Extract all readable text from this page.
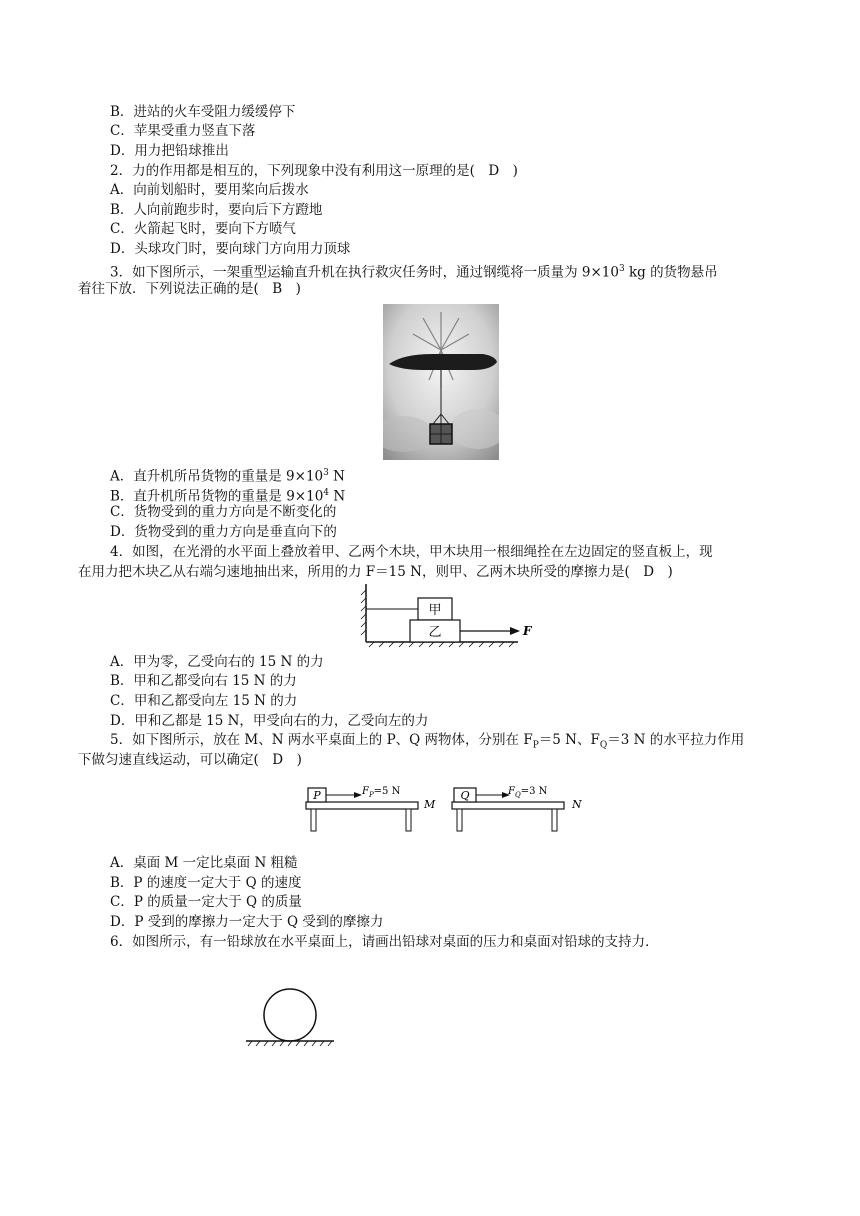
B．进站的火车受阻力缓缓停下
C．苹果受重力竖直下落
D．用力把铅球推出
2．力的作用都是相互的，下列现象中没有利用这一原理的是(　D　)
A．向前划船时，要用桨向后拨水
B．人向前跑步时，要向后下方蹬地
C．火箭起飞时，要向下方喷气
D．头球攻门时，要向球门方向用力顶球
3．如下图所示，一架重型运输直升机在执行救灾任务时，通过钢缆将一质量为 $9\times 10^3$ kg 的货物悬吊
着往下放．下列说法正确的是(　B　)
A．直升机所吊货物的重量是 $9\times 10^3$ N
B．直升机所吊货物的重量是 $9\times 10^4$ N
C．货物受到的重力方向是不断变化的
D．货物受到的重力方向是垂直向下的
4．如图，在光滑的水平面上叠放着甲、乙两个木块，甲木块用一根细绳拴在左边固定的竖直板上，现
在用力把木块乙从右端匀速地抽出来，所用的力 F＝15 N，则甲、乙两木块所受的摩擦力是(　D　)
甲
乙	F
A．甲为零，乙受向右的 15 N 的力
B．甲和乙都受向右 15 N 的力
C．甲和乙都受向左 15 N 的力
D．甲和乙都是 15 N，甲受向右的力，乙受向左的力
5．如下图所示，放在 M、N 两水平桌面上的 P、Q 两物体，分别在 $F_P=5$ N、$F_Q=3$ N 的水平拉力作用
下做匀速直线运动，可以确定(　D　)
P	$F_P=5$ N
M
Q	$F_Q=3$ N
N
A．桌面 M 一定比桌面 N 粗糙
B．P 的速度一定大于 Q 的速度
C．P 的质量一定大于 Q 的质量
D．P 受到的摩擦力一定大于 Q 受到的摩擦力
6．如图所示，有一铅球放在水平桌面上，请画出铅球对桌面的压力和桌面对铅球的支持力．
